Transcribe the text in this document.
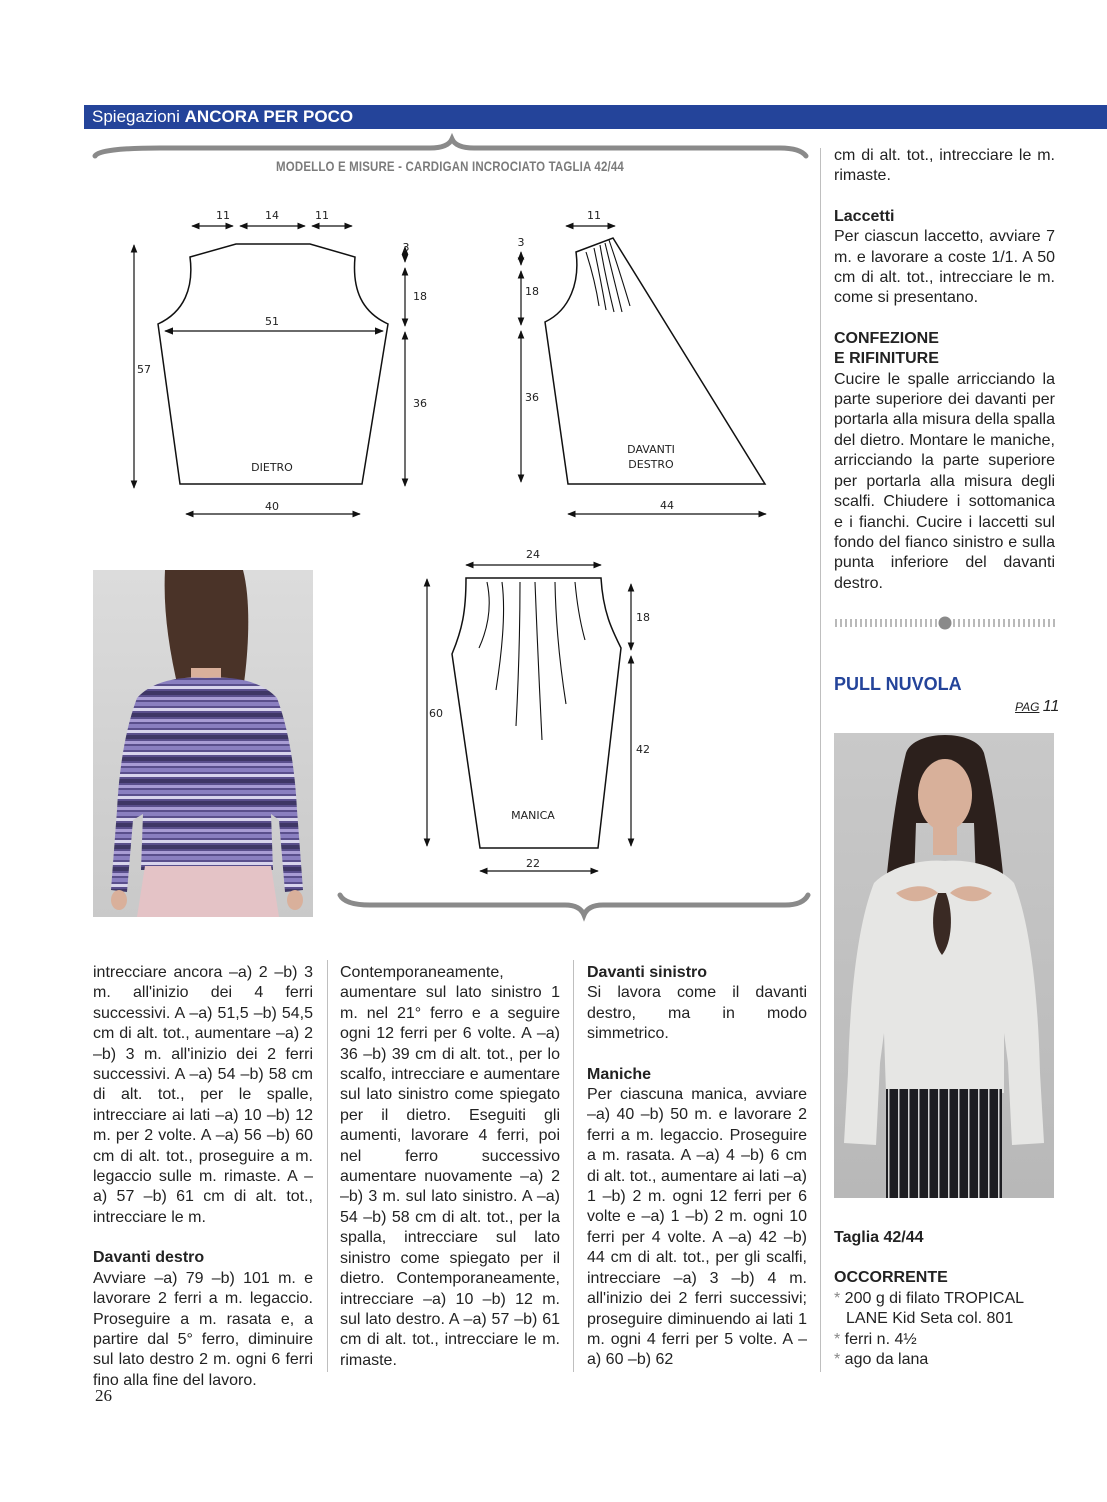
Spiegazioni ANCORA PER POCO
MODELLO E MISURE - CARDIGAN INCROCIATO TAGLIA 42/44
11	14	11
51
57
3
18
36
DIETRO
40
11
3
18
36
DAVANTI
DESTRO
44
24
18
42
60
MANICA
22
intrecciare ancora –a) 2 –b) 3 m. all'inizio dei 4 ferri successivi. A –a) 51,5 –b) 54,5 cm di alt. tot., aumentare –a) 2 –b) 3 m. all'inizio dei 2 ferri successivi. A –a) 54 –b) 58 cm di alt. tot., per le spalle, intrecciare ai lati –a) 10 –b) 12 m. per 2 volte. A –a) 56 –b) 60 cm di alt. tot., proseguire a m. legaccio sulle m. rimaste. A –a) 57 –b) 61 cm di alt. tot., intrecciare le m.
Davanti destro
Avviare –a) 79 –b) 101 m. e lavorare 2 ferri a m. legaccio. Proseguire a m. rasata e, a partire dal 5° ferro, diminuire sul lato destro 2 m. ogni 6 ferri fino alla fine del lavoro.
Contemporaneamente, aumentare sul lato sinistro 1 m. nel 21° ferro e a seguire ogni 12 ferri per 6 volte. A –a) 36 –b) 39 cm di alt. tot., per lo scalfo, intrecciare e aumentare sul lato sinistro come spiegato per il dietro. Eseguiti gli aumenti, lavorare 4 ferri, poi nel ferro successivo aumentare nuovamente –a) 2 –b) 3 m. sul lato sinistro. A –a) 54 –b) 58 cm di alt. tot., per la spalla, intrecciare sul lato sinistro come spiegato per il dietro. Contemporaneamente, intrecciare –a) 10 –b) 12 m. sul lato destro. A –a) 57 –b) 61 cm di alt. tot., intrecciare le m. rimaste.
Davanti sinistro
Si lavora come il davanti destro, ma in modo simmetrico.
Maniche
Per ciascuna manica, avviare –a) 40 –b) 50 m. e lavorare 2 ferri a m. legaccio. Proseguire a m. rasata. A –a) 4 –b) 6 cm di alt. tot., aumentare ai lati –a) 1 –b) 2 m. ogni 12 ferri per 6 volte e –a) 1 –b) 2 m. ogni 10 ferri per 4 volte. A –a) 42 –b) 44 cm di alt. tot., per gli scalfi, intrecciare –a) 3 –b) 4 m. all'inizio dei 2 ferri successivi; proseguire diminuendo ai lati 1 m. ogni 4 ferri per 5 volte. A –a) 60 –b) 62
cm di alt. tot., intrecciare le m. rimaste.
Laccetti
Per ciascun laccetto, avviare 7 m. e lavorare a coste 1/1. A 50 cm di alt. tot., intrecciare le m. come si presentano.
CONFEZIONE
E RIFINITURE
Cucire le spalle arricciando la parte superiore dei davanti per portarla alla misura della spalla del dietro. Montare le maniche, arricciando la parte superiore per portarla alla misura degli scalfi. Chiudere i sottomanica e i fianchi. Cucire i laccetti sul fondo del fianco sinistro e sulla punta inferiore del davanti destro.
PULL NUVOLA
PAG 11
Taglia 42/44
OCCORRENTE

* 200 g di filato TROPICAL LANE Kid Seta col. 801

* ferri n. 4½

* ago da lana

26
